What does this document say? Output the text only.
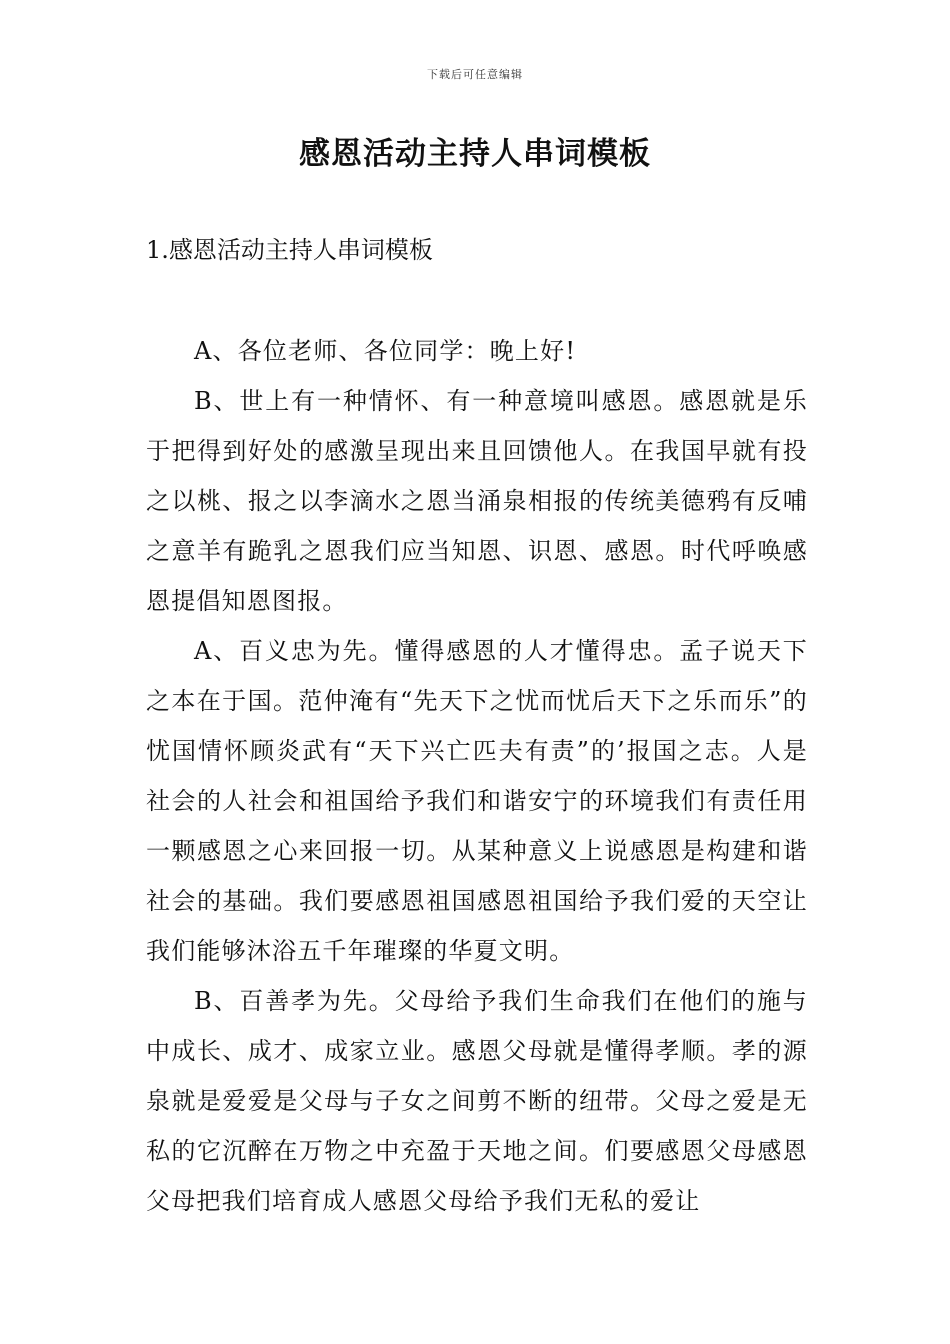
下载后可任意编辑
感恩活动主持人串词模板
1.感恩活动主持人串词模板

A、各位老师、各位同学：晚上好!

B、世上有一种情怀、有一种意境叫感恩。感恩就是乐于把得到好处的感激呈现出来且回馈他人。在我国早就有投之以桃、报之以李滴水之恩当涌泉相报的传统美德鸦有反哺之意羊有跪乳之恩我们应当知恩、识恩、感恩。时代呼唤感恩提倡知恩图报。

A、百义忠为先。懂得感恩的人才懂得忠。孟子说天下之本在于国。范仲淹有“先天下之忧而忧后天下之乐而乐”的忧国情怀顾炎武有“天下兴亡匹夫有责”的’报国之志。人是社会的人社会和祖国给予我们和谐安宁的环境我们有责任用一颗感恩之心来回报一切。从某种意义上说感恩是构建和谐社会的基础。我们要感恩祖国感恩祖国给予我们爱的天空让我们能够沐浴五千年璀璨的华夏文明。

B、百善孝为先。父母给予我们生命我们在他们的施与中成长、成才、成家立业。感恩父母就是懂得孝顺。孝的源泉就是爱爱是父母与子女之间剪不断的纽带。父母之爱是无私的它沉醉在万物之中充盈于天地之间。们要感恩父母感恩父母把我们培育成人感恩父母给予我们无私的爱让
